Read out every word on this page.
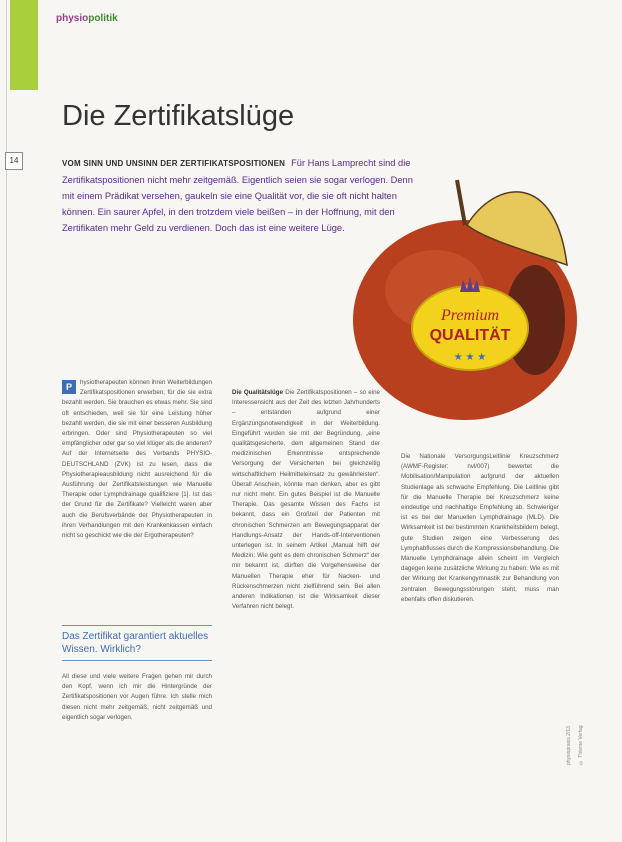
physiopolitik
Die Zertifikatslüge
14	VOM SINN UND UNSINN DER ZERTIFIKATSPOSITIONEN Für Hans Lamprecht sind die Zertifikatspositionen nicht mehr zeitgemäß. Eigentlich seien sie sogar verlogen. Denn mit einem Prädikat versehen, gaukeln sie eine Qualität vor, die sie oft nicht halten können. Ein saurer Apfel, in den trotzdem viele beißen – in der Hoffnung, mit den Zertifikaten mehr Geld zu verdienen. Doch das ist eine weitere Lüge.
Premium
QUALITÄT
★ ★ ★
P	hysiotherapeuten können ihren Weiterbildungen Zertifikatspositionen erwerben, für die sie extra bezahlt werden. Sie brauchen es etwas mehr. Sie sind oft entschieden, weil sie für eine Leistung höher bezahlt werden, die sie mit einer besseren Ausbildung erbringen. Oder sind Physiotherapeuten so viel empfänglicher oder gar so viel klüger als die anderen? Auf der Internetseite des Verbands PHYSIO-DEUTSCHLAND (ZVK) ist zu lesen, dass die Physiotherapieausbildung nicht ausreichend für die Ausführung der Zertifikatsleistungen wie Manuelle Therapie oder Lymphdrainage qualifiziere [1]. Ist das der Grund für die Zertifikate? Vielleicht waren aber auch die Berufsverbände der Physiotherapeuten in ihren Verhandlungen mit den Krankenkassen einfach nicht so geschickt wie die der Ergotherapeuten?
Das Zertifikat garantiert aktuelles Wissen. Wirklich?
All diese und viele weitere Fragen gehen mir durch den Kopf, wenn ich mir die Hintergründe der Zertifikatspositionen vor Augen führe. Ich stelle mich diesen nicht mehr zeitgemäß, nicht zeitgemäß und eigentlich sogar verlogen.
Die Qualitätslüge Die Zertifikatspositionen – so eine Interessensicht aus der Zeit des letzten Jahrhunderts – entstanden aufgrund einer Ergänzungsnotwendigkeit in der Weiterbildung. Eingeführt wurden sie mit der Begründung, „eine qualitätsgesicherte, dem allgemeinen Stand der medizinischen Erkenntnisse entsprechende Versorgung der Versicherten bei gleichzeitig wirtschaftlichem Heilmitteleinsatz zu gewährleisten“. Überall Anschein, könnte man denken, aber es gibt nur nicht mehr. Ein gutes Beispiel ist die Manuelle Therapie. Das gesamte Wissen des Fachs ist bekannt, dass ein Großteil der Patienten mit chronischen Schmerzen am Bewegungsapparat der Handlungs-Ansatz der Hands-off-Interventionen unterlegen ist. In seinem Artikel „Manual hilft der Medizin: Wie geht es dem chronischen Schmerz“ der mir bekannt ist, dürften die Vorgehensweise der Manuellen Therapie eher für Nacken- und Rückenschmerzen nicht zielführend sein. Bei allen anderen Indikationen ist die Wirksamkeit dieser Verfahren nicht belegt.
Die Nationale VersorgungsLeitlinie Kreuzschmerz (AWMF-Register: nvl/007) bewertet die Mobilisation/Manipulation aufgrund der aktuellen Studienlage als schwache Empfehlung. Die Leitlinie gibt für die Manuelle Therapie bei Kreuzschmerz keine eindeutige und nachhaltige Empfehlung ab. Schwieriger ist es bei der Manuellen Lymphdrainage (MLD). Die Wirksamkeit ist bei bestimmten Krankheitsbildern belegt, gute Studien zeigen eine Verbesserung des Lymphabflusses durch die Kompressionsbehandlung. Die Manuelle Lymphdrainage allein scheint im Vergleich dagegen keine zusätzliche Wirkung zu haben. Wie es mit der Wirkung der Krankengymnastik zur Behandlung von zentralen Bewegungsstörungen steht, muss man ebenfalls offen diskutieren.
physiopraxis 2/13	© Thieme Verlag
